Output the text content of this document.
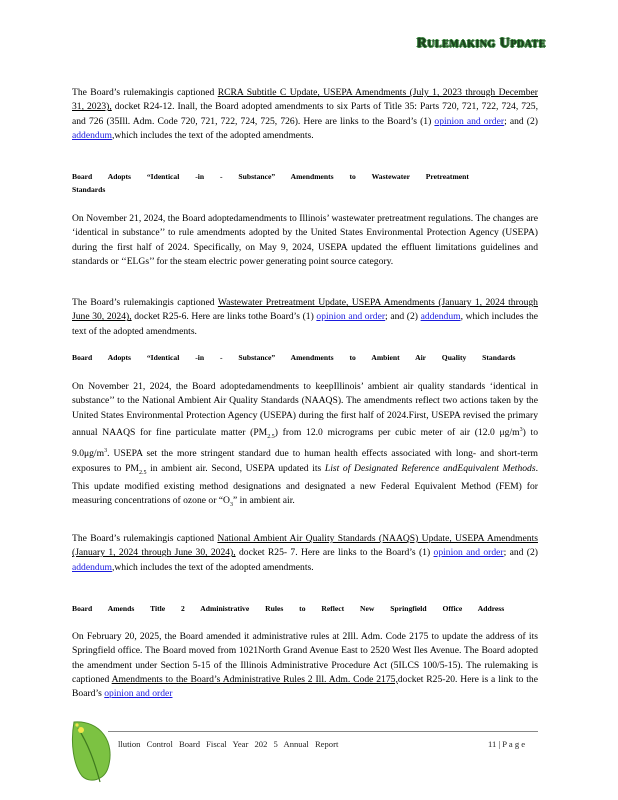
Rulemaking Update

The Board’s rulemakingis captioned RCRA Subtitle C Update, USEPA Amendments (July 1, 2023 through December 31, 2023), docket R24-12. Inall, the Board adopted amendments to six Parts of Title 35: Parts 720, 721, 722, 724, 725, and 726 (35Ill. Adm. Code 720, 721, 722, 724, 725, 726). Here are links to the Board’s (1) opinion and order; and (2) addendum,which includes the text of the adopted amendments.

Board Adopts “Identical -in - Substance” Amendments to Wastewater Pretreatment Standards

On November 21, 2024, the Board adoptedamendments to Illinois’ wastewater pretreatment regulations. The changes are ‘identical in substance’’ to rule amendments adopted by the United States Environmental Protection Agency (USEPA) during the first half of 2024. Specifically, on May 9, 2024, USEPA updated the effluent limitations guidelines and standards or ‘‘ELGs’’ for the steam electric power generating point source category.

The Board’s rulemakingis captioned Wastewater Pretreatment Update, USEPA Amendments (January 1, 2024 through June 30, 2024), docket R25-6. Here are links tothe Board’s (1) opinion and order; and (2) addendum, which includes the text of the adopted amendments.

Board Adopts “Identical -in - Substance” Amendments to Ambient Air Quality Standards

On November 21, 2024, the Board adoptedamendments to keepIllinois’ ambient air quality standards ‘identical in substance’’ to the National Ambient Air Quality Standards (NAAQS). The amendments reflect two actions taken by the United States Environmental Protection Agency (USEPA) during the first half of 2024.First, USEPA revised the primary annual NAAQS for fine particulate matter $(PM_{2.5})$ from 12.0 micrograms per cubic meter of air (12.0 $\mu g/m^3$) to $9.0\mu g/m^3$. USEPA set the more stringent standard due to human health effects associated with long- and short-term exposures to $PM_{2.5}$ in ambient air. Second, USEPA updated its List of Designated Reference andEquivalent Methods. This update modified existing method designations and designated a new Federal Equivalent Method (FEM) for measuring concentrations of ozone or “$O_3$” in ambient air.

The Board’s rulemakingis captioned National Ambient Air Quality Standards (NAAQS) Update, USEPA Amendments (January 1, 2024 through June 30, 2024), docket R25- 7. Here are links to the Board’s (1) opinion and order; and (2) addendum,which includes the text of the adopted amendments.

Board Amends Title 2 Administrative Rules to Reflect New Springfield Office Address

On February 20, 2025, the Board amended it administrative rules at 2Ill. Adm. Code 2175 to update the address of its Springfield office. The Board moved from 1021North Grand Avenue East to 2520 West Iles Avenue. The Board adopted the amendment under Section 5-15 of the Illinois Administrative Procedure Act (5ILCS 100/5-15). The rulemaking is captioned Amendments to the Board’s Administrative Rules 2 Ill. Adm. Code 2175,docket R25-20. Here is a link to the Board’s opinion and order

llution Control Board Fiscal Year 202 5 Annual Report	11 | P a g e
